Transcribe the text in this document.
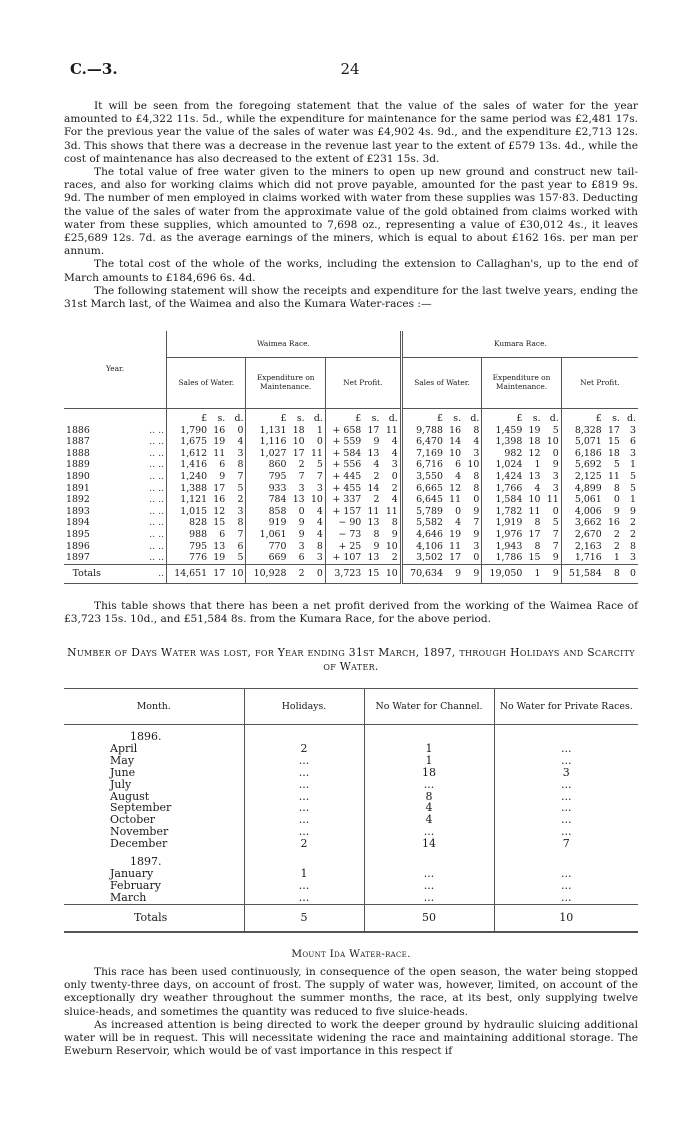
C.—3.	24

It will be seen from the foregoing statement that the value of the sales of water for the year amounted to £4,322 11s. 5d., while the expenditure for maintenance for the same period was £2,481 17s. For the previous year the value of the sales of water was £4,902 4s. 9d., and the expenditure £2,713 12s. 3d. This shows that there was a decrease in the revenue last year to the extent of £579 13s. 4d., while the cost of maintenance has also decreased to the extent of £231 15s. 3d.

The total value of free water given to the miners to open up new ground and construct new tail-races, and also for working claims which did not prove payable, amounted for the past year to £819 9s. 9d. The number of men employed in claims worked with water from these supplies was 157·83. Deducting the value of the sales of water from the approximate value of the gold obtained from claims worked with water from these supplies, which amounted to 7,698 oz., representing a value of £30,012 4s., it leaves £25,689 12s. 7d. as the average earnings of the miners, which is equal to about £162 16s. per man per annum.

The total cost of the whole of the works, including the extension to Callaghan's, up to the end of March amounts to £184,696 6s. 4d.

The following statement will show the receipts and expenditure for the last twelve years, ending the 31st March last, of the Waimea and also the Kumara Water-races :—

Year.		Waimea Race.									Kumara Race.								
		Sales of Water.			Expenditure on Maintenance.			Net Profit.			Sales of Water.			Expenditure on Maintenance.			Net Profit.		
		£	s.	d.	£	s.	d.	£	s.	d.	£	s.	d.	£	s.	d.	£	s.	d.
1886	.. ..	1,790	16	0	1,131	18	1	+ 658	17	11	9,788	16	8	1,459	19	5	8,328	17	3
1887	.. ..	1,675	19	4	1,116	10	0	+ 559	9	4	6,470	14	4	1,398	18	10	5,071	15	6
1888	.. ..	1,612	11	3	1,027	17	11	+ 584	13	4	7,169	10	3	982	12	0	6,186	18	3
1889	.. ..	1,416	6	8	860	2	5	+ 556	4	3	6,716	6	10	1,024	1	9	5,692	5	1
1890	.. ..	1,240	9	7	795	7	7	+ 445	2	0	3,550	4	8	1,424	13	3	2,125	11	5
1891	.. ..	1,388	17	5	933	3	3	+ 455	14	2	6,665	12	8	1,766	4	3	4,899	8	5
1892	.. ..	1,121	16	2	784	13	10	+ 337	2	4	6,645	11	0	1,584	10	11	5,061	0	1
1893	.. ..	1,015	12	3	858	0	4	+ 157	11	11	5,789	0	9	1,782	11	0	4,006	9	9
1894	.. ..	828	15	8	919	9	4	− 90	13	8	5,582	4	7	1,919	8	5	3,662	16	2
1895	.. ..	988	6	7	1,061	9	4	− 73	8	9	4,646	19	9	1,976	17	7	2,670	2	2
1896	.. ..	795	13	6	770	3	8	+ 25	9	10	4,106	11	3	1,943	8	7	2,163	2	8
1897	.. ..	776	19	5	669	6	3	+ 107	13	2	3,502	17	0	1,786	15	9	1,716	1	3
Totals	..	14,651	17	10	10,928	2	0	3,723	15	10	70,634	9	9	19,050	1	9	51,584	8	0

This table shows that there has been a net profit derived from the working of the Waimea Race of £3,723 15s. 10d., and £51,584 8s. from the Kumara Race, for the above period.

Number of Days Water was lost, for Year ending 31st March, 1897, through Holidays and Scarcity of Water.
Month.	Holidays.	No Water for Channel.	No Water for Private Races.
1896.			
April	2	1	...
May	...	1	...
June	...	18	3
July	...	...	...
August	...	8	...
September	...	4	...
October	...	4	...
November	...	...	...
December	2	14	7
1897.			
January	1	...	...
February	...	...	...
March	...	...	...
Totals	5	50	10
Mount Ida Water-race.

This race has been used continuously, in consequence of the open season, the water being stopped only twenty-three days, on account of frost. The supply of water was, however, limited, on account of the exceptionally dry weather throughout the summer months, the race, at its best, only supplying twelve sluice-heads, and sometimes the quantity was reduced to five sluice-heads.

As increased attention is being directed to work the deeper ground by hydraulic sluicing additional water will be in request. This will necessitate widening the race and maintaining additional storage. The Eweburn Reservoir, which would be of vast importance in this respect if
